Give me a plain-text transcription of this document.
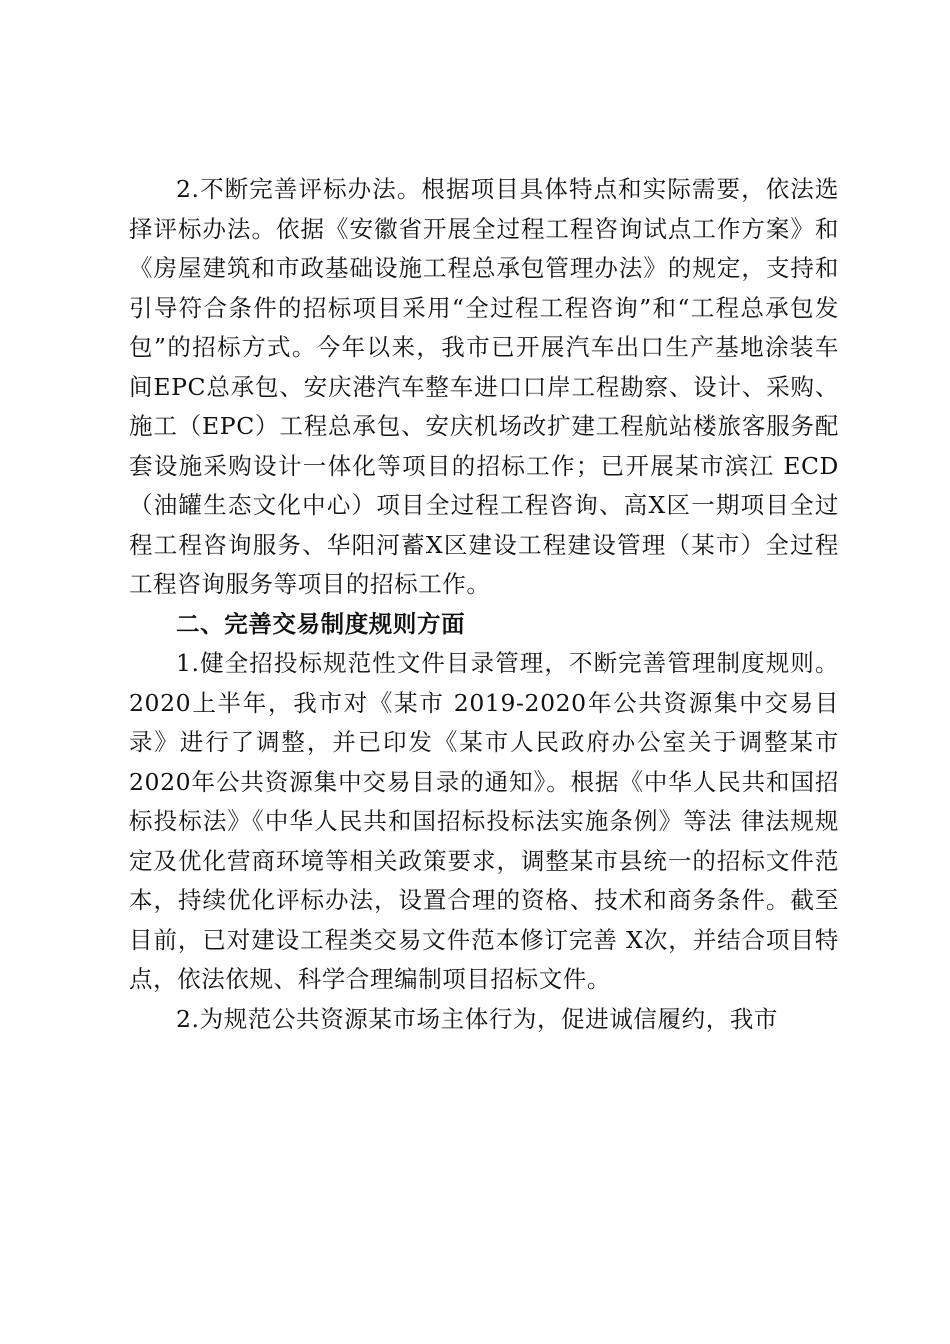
2.不断完善评标办法。根据项目具体特点和实际需要，依法选择评标办法。依据《安徽省开展全过程工程咨询试点工作方案》和《房屋建筑和市政基础设施工程总承包管理办法》的规定，支持和引导符合条件的招标项目采用“全过程工程咨询”和“工程总承包发包”的招标方式。今年以来，我市已开展汽车出口生产基地涂装车间EPC总承包、安庆港汽车整车进口口岸工程勘察、设计、采购、施工（EPC）工程总承包、安庆机场改扩建工程航站楼旅客服务配套设施采购设计一体化等项目的招标工作；已开展某市滨江 ECD（油罐生态文化中心）项目全过程工程咨询、高X区一期项目全过程工程咨询服务、华阳河蓄X区建设工程建设管理（某市）全过程工程咨询服务等项目的招标工作。

二、完善交易制度规则方面

1.健全招投标规范性文件目录管理，不断完善管理制度规则。2020上半年，我市对《某市 2019-2020年公共资源集中交易目录》进行了调整，并已印发《某市人民政府办公室关于调整某市2020年公共资源集中交易目录的通知》。根据《中华人民共和国招标投标法》《中华人民共和国招标投标法实施条例》等法 律法规规定及优化营商环境等相关政策要求，调整某市县统一的招标文件范本，持续优化评标办法，设置合理的资格、技术和商务条件。截至目前，已对建设工程类交易文件范本修订完善 X次，并结合项目特点，依法依规、科学合理编制项目招标文件。

2.为规范公共资源某市场主体行为，促进诚信履约，我市
